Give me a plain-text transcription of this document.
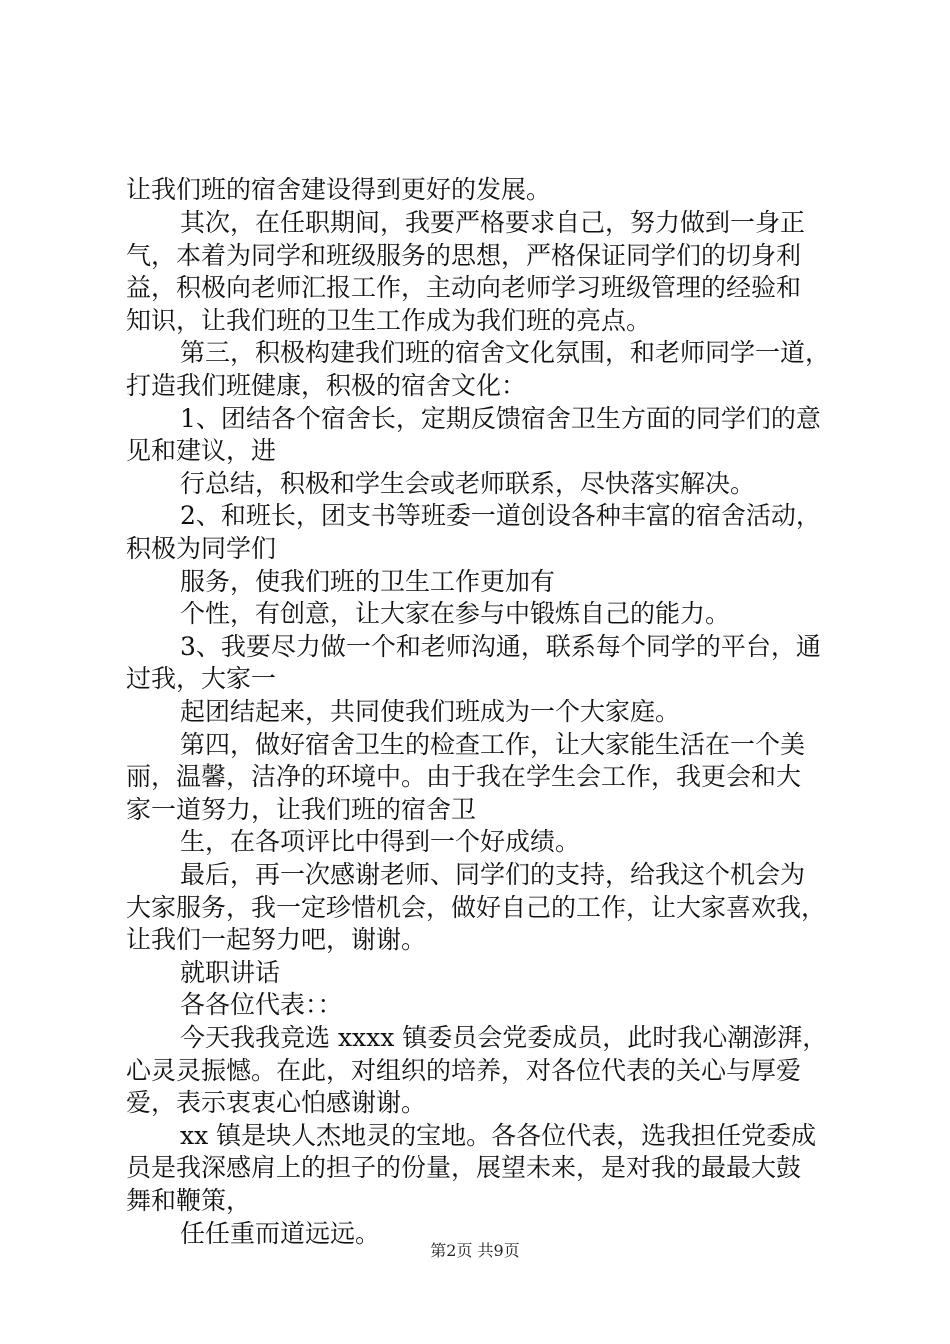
让我们班的宿舍建设得到更好的发展。
其次，在任职期间，我要严格要求自己，努力做到一身正
气，本着为同学和班级服务的思想，严格保证同学们的切身利
益，积极向老师汇报工作，主动向老师学习班级管理的经验和
知识，让我们班的卫生工作成为我们班的亮点。
第三，积极构建我们班的宿舍文化氛围，和老师同学一道，
打造我们班健康，积极的宿舍文化：
1、团结各个宿舍长，定期反馈宿舍卫生方面的同学们的意
见和建议，进
行总结，积极和学生会或老师联系，尽快落实解决。
2、和班长，团支书等班委一道创设各种丰富的宿舍活动，
积极为同学们
服务，使我们班的卫生工作更加有
个性，有创意，让大家在参与中锻炼自己的能力。
3、我要尽力做一个和老师沟通，联系每个同学的平台，通
过我，大家一
起团结起来，共同使我们班成为一个大家庭。
第四，做好宿舍卫生的检查工作，让大家能生活在一个美
丽，温馨，洁净的环境中。由于我在学生会工作，我更会和大
家一道努力，让我们班的宿舍卫
生，在各项评比中得到一个好成绩。
最后，再一次感谢老师、同学们的支持，给我这个机会为
大家服务，我一定珍惜机会，做好自己的工作，让大家喜欢我，
让我们一起努力吧，谢谢。
就职讲话
各各位代表：：
今天我我竞选 xxxx 镇委员会党委成员，此时我心潮澎湃，
心灵灵振憾。在此，对组织的培养，对各位代表的关心与厚爱
爱，表示衷衷心怕感谢谢。
xx 镇是块人杰地灵的宝地。各各位代表，选我担任党委成
员是我深感肩上的担子的份量，展望未来，是对我的最最大鼓
舞和鞭策，
任任重而道远远。
第2页 共9页
